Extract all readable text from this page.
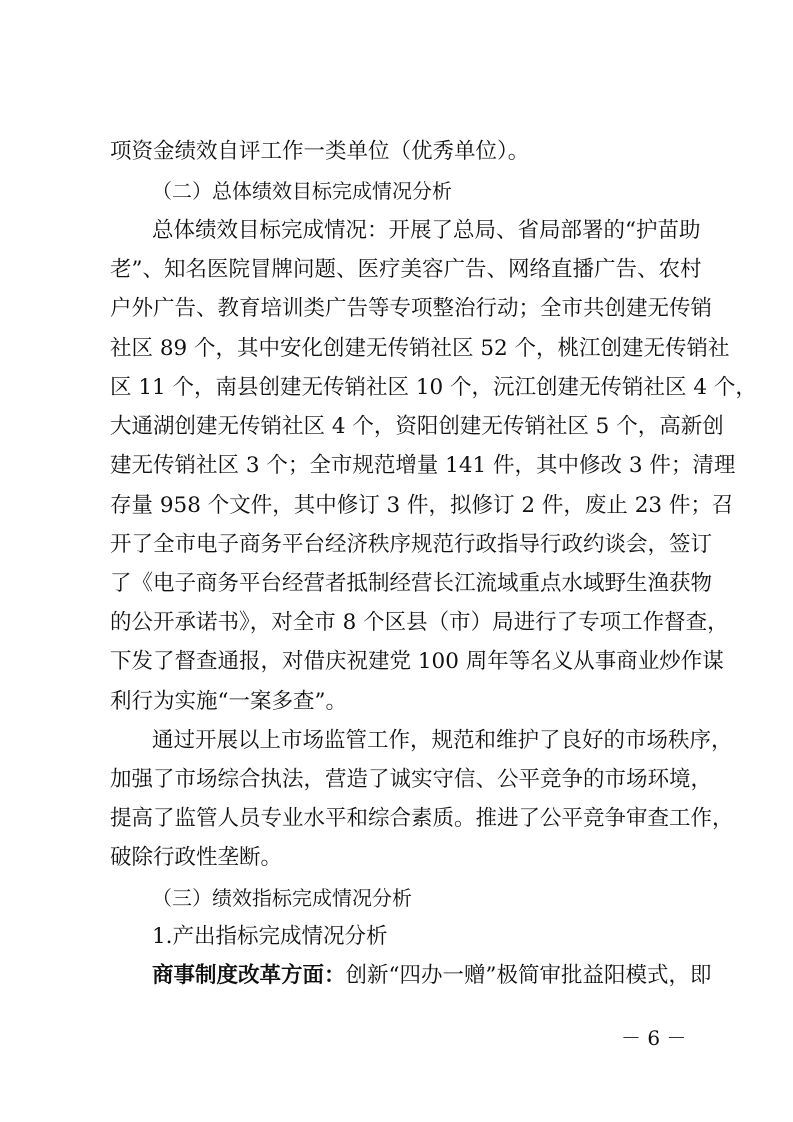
项资金绩效自评工作一类单位（优秀单位）。
（二）总体绩效目标完成情况分析
总体绩效目标完成情况：开展了总局、省局部署的“护苗助
老”、知名医院冒牌问题、医疗美容广告、网络直播广告、农村
户外广告、教育培训类广告等专项整治行动；全市共创建无传销
社区 89 个，其中安化创建无传销社区 52 个，桃江创建无传销社
区 11 个，南县创建无传销社区 10 个，沅江创建无传销社区 4 个，
大通湖创建无传销社区 4 个，资阳创建无传销社区 5 个，高新创
建无传销社区 3 个；全市规范增量 141 件，其中修改 3 件；清理
存量 958 个文件，其中修订 3 件，拟修订 2 件，废止 23 件；召
开了全市电子商务平台经济秩序规范行政指导行政约谈会，签订
了《电子商务平台经营者抵制经营长江流域重点水域野生渔获物
的公开承诺书》，对全市 8 个区县（市）局进行了专项工作督查，
下发了督查通报，对借庆祝建党 100 周年等名义从事商业炒作谋
利行为实施“一案多查”。
通过开展以上市场监管工作，规范和维护了良好的市场秩序，
加强了市场综合执法，营造了诚实守信、公平竞争的市场环境，
提高了监管人员专业水平和综合素质。推进了公平竞争审查工作，
破除行政性垄断。
（三）绩效指标完成情况分析
1.产出指标完成情况分析
商事制度改革方面：创新“四办一赠”极简审批益阳模式，即
－ 6 －
